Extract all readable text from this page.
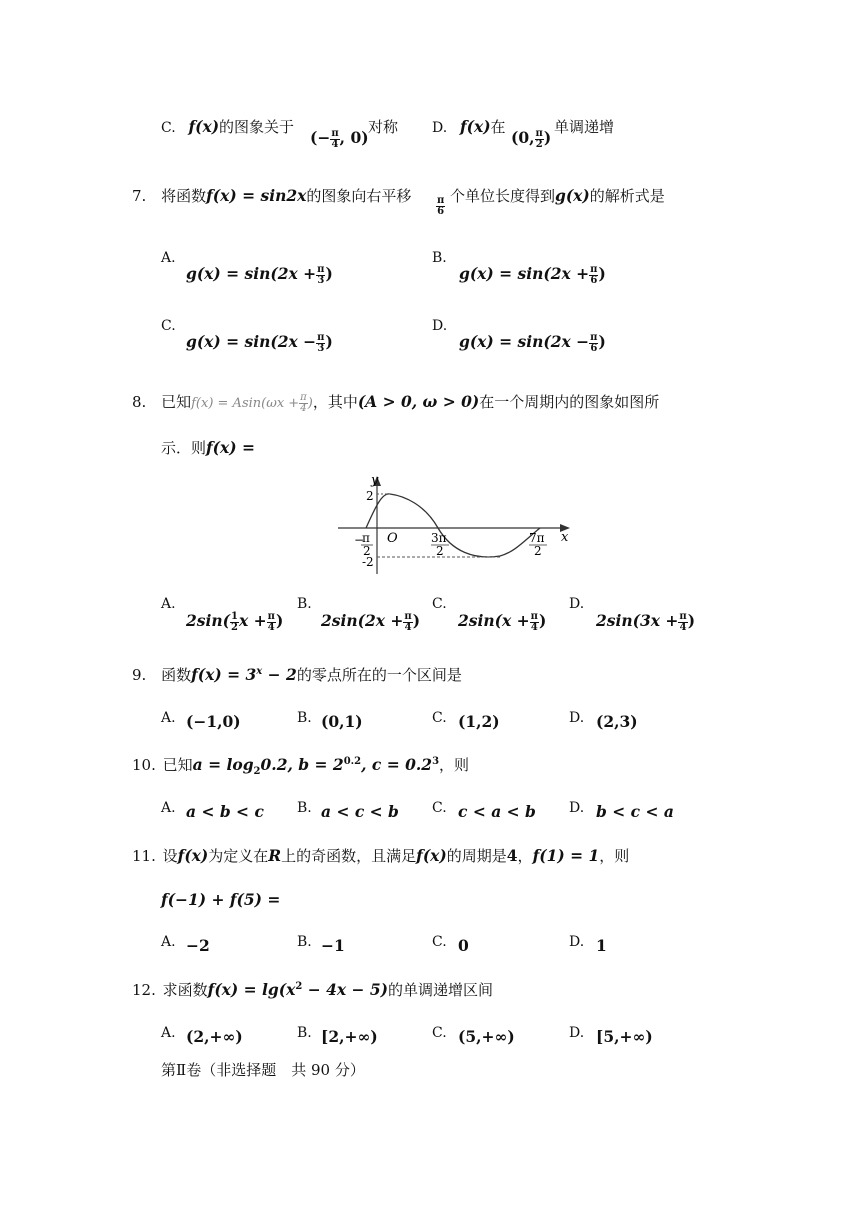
C. f(x)的图象关于
(− $\frac{\pi}{4}$ , 0)
对称 D. f(x)在
(0, $\frac{\pi}{2}$ )
单调递增
7. 将函数f(x) = sin2x的图象向右平移 $\frac{\pi}{6}$ 个单位长度得到g(x)的解析式是
A.
$g(x) = \sin(2x + \frac{\pi}{3}$ )
B.
$g(x) = \sin(2x + \frac{\pi}{6}$ )
C.
$g(x) = \sin(2x - \frac{\pi}{3}$ )
D.
$g(x) = \sin(2x - \frac{\pi}{6}$ )
8. 已知$f(x) = Asin(\omega x + \frac{\pi}{4}$ )，其中(A > 0, ω > 0)在一个周期内的图象如图所
示．则f(x) =
y
x
O
2
-2
−
π
2
3π
2
7π
2
A.
$2\sin( \frac{1}{2}$ $x + \frac{\pi}{4}$ )
B.
$2\sin(2x + \frac{\pi}{4}$ )
C.
$2\sin(x + \frac{\pi}{4}$ )
D.
$2\sin(3x + \frac{\pi}{4}$ )
9. 函数$f(x) = 3^x - 2$的零点所在的一个区间是
A. (−1,0)	B. (0,1)	C. (1,2)	D. (2,3)
10. 已知$a = \log_20.2$, $b = 2^{0.2}$, $c = 0.2^3$，则
A. a < b < c B. a < c < b C. c < a < b D. b < c < a
11. 设f(x)为定义在R上的奇函数，且满足f(x)的周期是4，f(1) = 1，则
f(−1) + f(5) =
A. −2	B. −1	C. 0	D. 1
12. 求函数$f(x) = \lg(x^2 - 4x - 5)$的单调递增区间
A. (2,+∞)	B. [2,+∞)	C. (5,+∞)	D. [5,+∞)
第Ⅱ卷（非选择题　共 90 分）
